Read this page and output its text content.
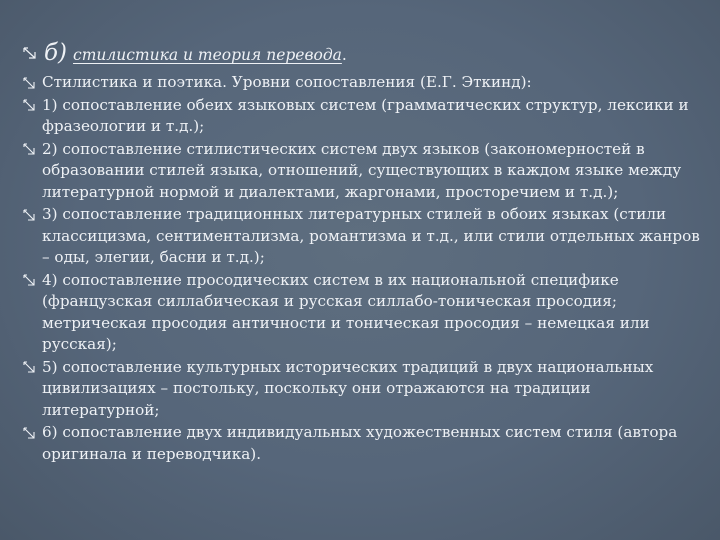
б) стилистика и теория перевода .
Стилистика и поэтика. Уровни сопоставления (Е.Г. Эткинд):
1) сопоставление обеих языковых систем (грамматических структур, лексики и фразеологии и т.д.);
2) сопоставление стилистических систем двух языков (закономерностей в образовании стилей языка, отношений, существующих в каждом языке между литературной нормой и диалектами, жаргонами, просторечием и т.д.);
3) сопоставление традиционных литературных стилей в обоих языках (стили классицизма, сентиментализма, романтизма и т.д., или стили отдельных жанров – оды, элегии, басни и т.д.);
4) сопоставление просодических систем в их национальной специфике (французская силлабическая и русская силлабо-тоническая просодия; метрическая просодия античности и тоническая просодия – немецкая или русская);
5) сопоставление культурных исторических традиций в двух национальных цивилизациях – постольку, поскольку они отражаются на традиции литературной;
6) сопоставление двух индивидуальных художественных систем стиля (автора оригинала и переводчика).
